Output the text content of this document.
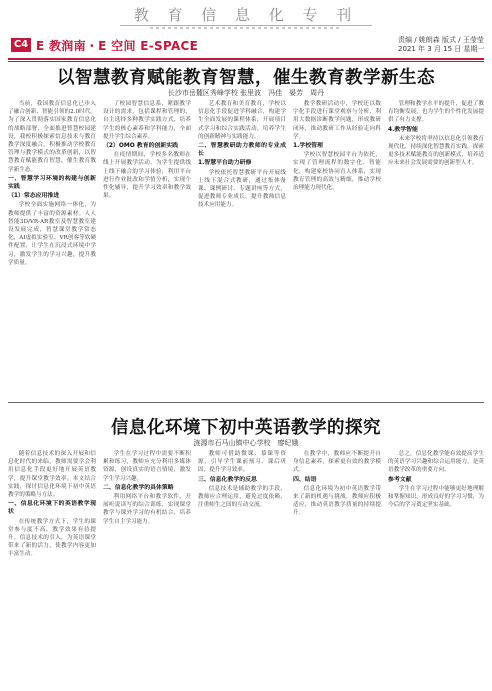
教 育 信 息 化 专 刊
C4 E 教润南・E 空间 E-SPACE	责编 / 姚朗森 版式 / 王莹莹
2021 年 3 月 15 日 星期一
以智慧教育赋能教育智慧，催生教育教学新生态
长沙市岳麓区秀峰学校 张里波　冯佳　晏芳　周丹

当前，我国教育信息化已步入了融合创新、智能引领的2.0时代。为了深入贯彻落实国家教育信息化的战略部署，全面推进智慧校园建设，我校积极探索信息技术与教育教学深度融合，积极推动学校教育管理与教学模式的改革创新，以智慧教育赋能教育智慧，催生教育教学新生态。

一、智慧学习环境的构建与创新实践
（1）常态应用推进

学校全面实施网络一体化，为教师提供了丰富的资源素材。人人智能3D/VR-AR教室及智慧教室建设发展完成，智慧课堂教学常态化，AI虚拟实验室、VR创客等软硬件配置，让学生在沉浸式环境中学习，激发学生的学习兴趣，提升教学质量。

了校园智慧信息系，紧跟教学设计的需求，包括课程和管理的，自主选择多种教学实践方式，培养学生的核心素养和学科能力，全面提升学生综合素养。

（2）OMO 教育的创新实践

在疫情期间，学校多名教师在线上开展教学活动，为学生提供线上线下融合的学习体验，利用平台进行作业批改和学情分析，实现个性化辅导，提升学习效率和教学效果。

艺术教育和美育教育，学校以信息化手段促进学科融合，构建学生全面发展的课程体系，开展项目式学习和综合实践活动，培养学生的创新精神与实践能力。

二、智慧教研助力教师的专业成长
1.智慧平台助力研修

学校依托智慧教研平台开展线上线下混合式教研，通过集体备课、课例研讨、专题讲座等方式，促进教师专业成长，提升教师信息技术应用能力。

教学教研活动中，学校还以数字化手段进行课堂观察与分析，利用大数据诊断教学问题，形成教研闭环，推动教研工作从经验走向科学。

1.学校管理

学校以智慧校园平台为依托，实现了管理流程的数字化、智能化，构建家校协同育人体系，实现教育管理的高效与精细，推动学校治理能力现代化。

管理和教学水平的提升，促进了教育均衡发展，也为学生的个性化发展提供了有力支撑。

4.教学智能

未来学校将坚持以信息化引领教育现代化，持续深化智慧教育实践，探索更多技术赋能教育的创新模式，培养适应未来社会发展需要的创新型人才。

信息化环境下初中英语教学的探究
涟源市石马山镇中心学校　廖纪娥

随着信息技术的深入开展和信息化时代的来临，教师需要学会利用信息化手段更好地开展英语教学，提升课堂教学效率。本文结合实践，探讨信息化环境下初中英语教学的策略与方法。

一、信息化环境下的英语教学现状

在传统教学方式下，学生的课堂参与度不高，教学效果有待提升。信息技术的引入，为英语课堂带来了新的活力，使教学内容更加丰富生动。

学生在学习过程中需要不断积累和练习，教师应充分利用多媒体资源，创设真实的语言情境，激发学生学习兴趣。

二、信息化教学的具体策略

利用网络平台和教学软件，开展听说读写的综合训练，实现课堂教学与课外学习的有机结合，培养学生自主学习能力。

教师可借助微课、慕课等资源，引导学生课前预习、课后巩固，提升学习效率。

三、信息化教学的反思

信息技术是辅助教学的手段，教师应合理运用，避免过度依赖，注重师生之间的互动交流。

在教学中，教师应不断提升自身信息素养，探索更有效的教学模式。

四、结语

信息化环境为初中英语教学带来了新的机遇与挑战，教师应积极适应，推动英语教学质量的持续提升。

总之，信息化教学能有效提高学生的英语学习兴趣和综合运用能力，是英语教学改革的重要方向。

参考文献

学生在学习过程中能够更好地理解和掌握知识，形成良好的学习习惯，为今后的学习奠定坚实基础。
